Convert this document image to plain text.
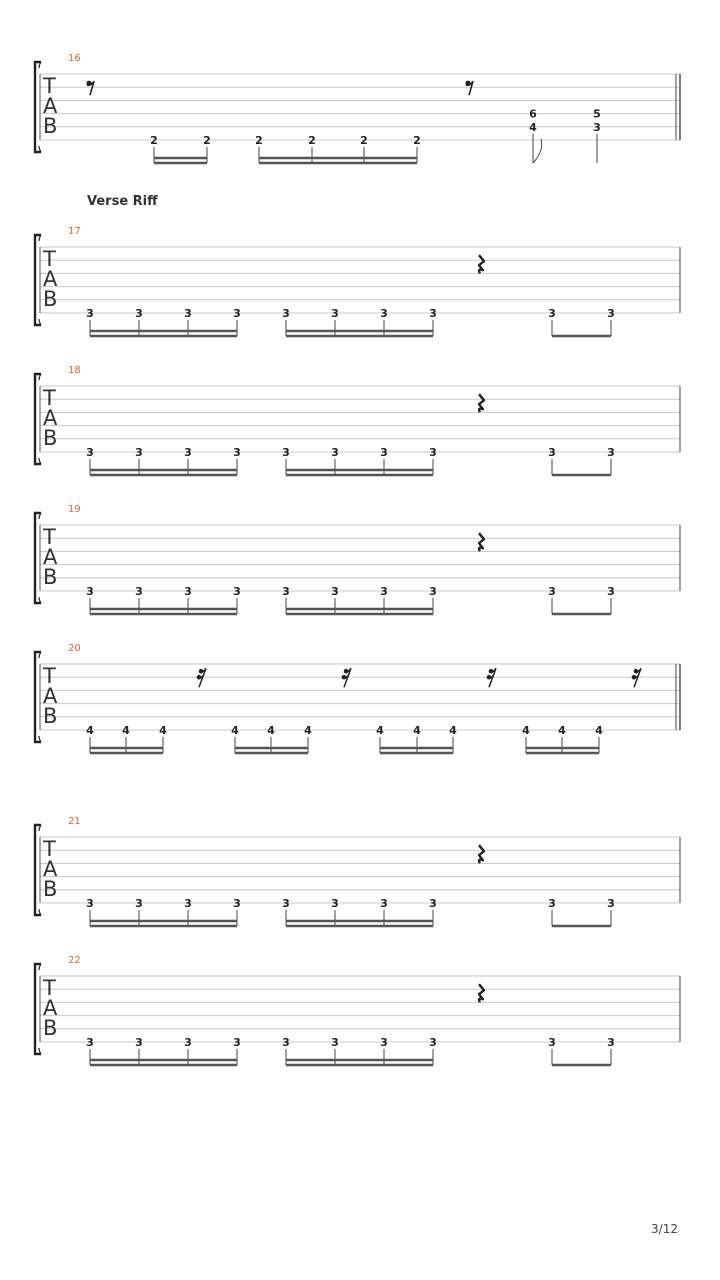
T
A
B
16
2	2	2	2	2	2
6
4
5
3
Verse Riff
T
A
B
17
3	3	3	3	3	3	3	3	3	3
T
A
B
18
3	3	3	3	3	3	3	3	3	3
T
A
B
19
3	3	3	3	3	3	3	3	3	3
T
A
B
20
4	4	4	4	4	4	4	4	4	4	4	4
T
A
B
21
3	3	3	3	3	3	3	3	3	3
T
A
B
22
3	3	3	3	3	3	3	3	3	3
3/12
